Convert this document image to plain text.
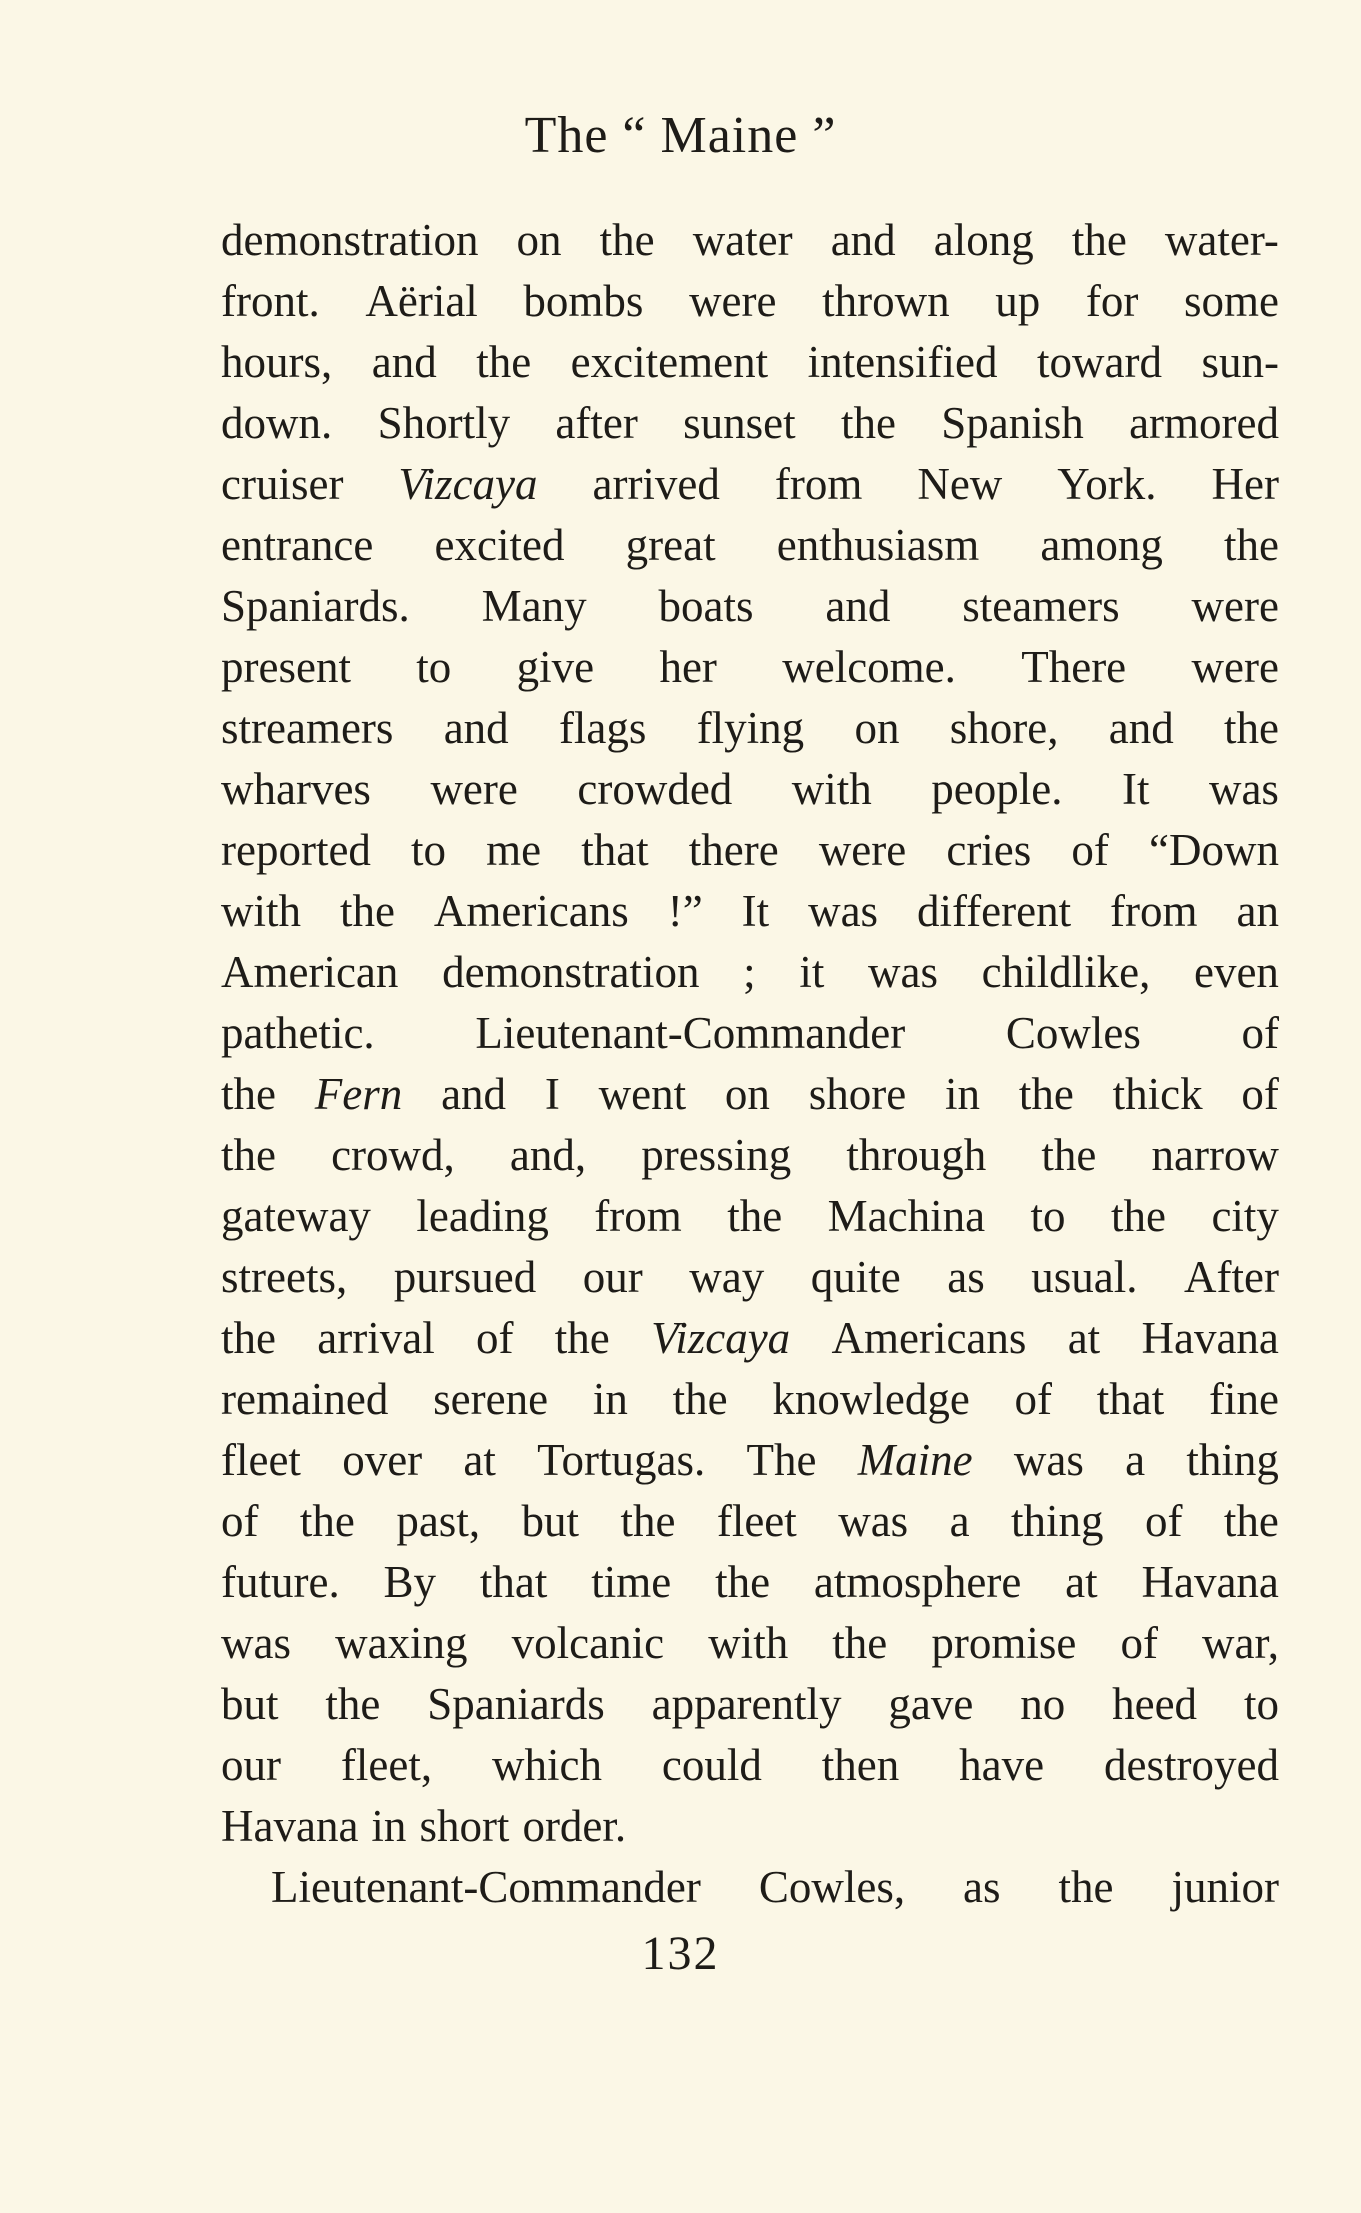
The “ Maine ”
demonstration on the water and along the water-
front. Aërial bombs were thrown up for some
hours, and the excitement intensified toward sun-
down. Shortly after sunset the Spanish armored
cruiser Vizcaya arrived from New York. Her
entrance excited great enthusiasm among the
Spaniards. Many boats and steamers were
present to give her welcome. There were
streamers and flags flying on shore, and the
wharves were crowded with people. It was
reported to me that there were cries of “Down
with the Americans !” It was different from an
American demonstration ; it was childlike, even
pathetic. Lieutenant-Commander Cowles of
the Fern and I went on shore in the thick of
the crowd, and, pressing through the narrow
gateway leading from the Machina to the city
streets, pursued our way quite as usual. After
the arrival of the Vizcaya Americans at Havana
remained serene in the knowledge of that fine
fleet over at Tortugas. The Maine was a thing
of the past, but the fleet was a thing of the
future. By that time the atmosphere at Havana
was waxing volcanic with the promise of war,
but the Spaniards apparently gave no heed to
our fleet, which could then have destroyed
Havana in short order.
Lieutenant-Commander Cowles, as the junior
132
